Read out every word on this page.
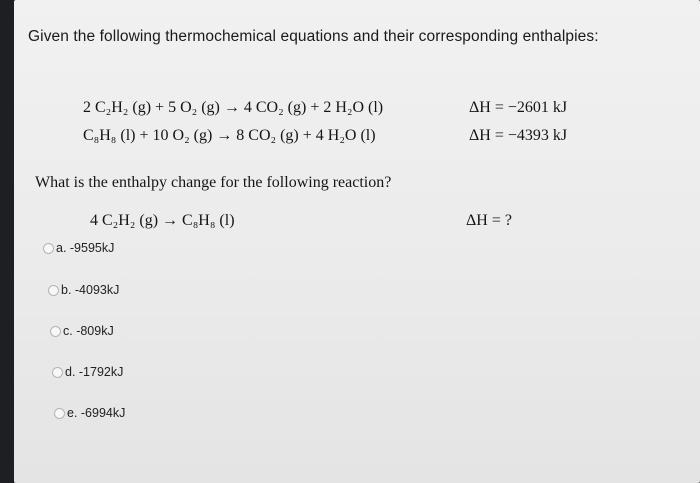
Given the following thermochemical equations and their corresponding enthalpies:
2 C₂H₂ (g) + 5 O₂ (g) → 4 CO₂ (g) + 2 H₂O (l)	ΔH = −2601 kJ
C₈H₈ (l) + 10 O₂ (g) → 8 CO₂ (g) + 4 H₂O (l)	ΔH = −4393 kJ
What is the enthalpy change for the following reaction?
4 C₂H₂ (g) → C₈H₈ (l)	ΔH = ?
a. -9595kJ
b. -4093kJ
c. -809kJ
d. -1792kJ
e. -6994kJ
